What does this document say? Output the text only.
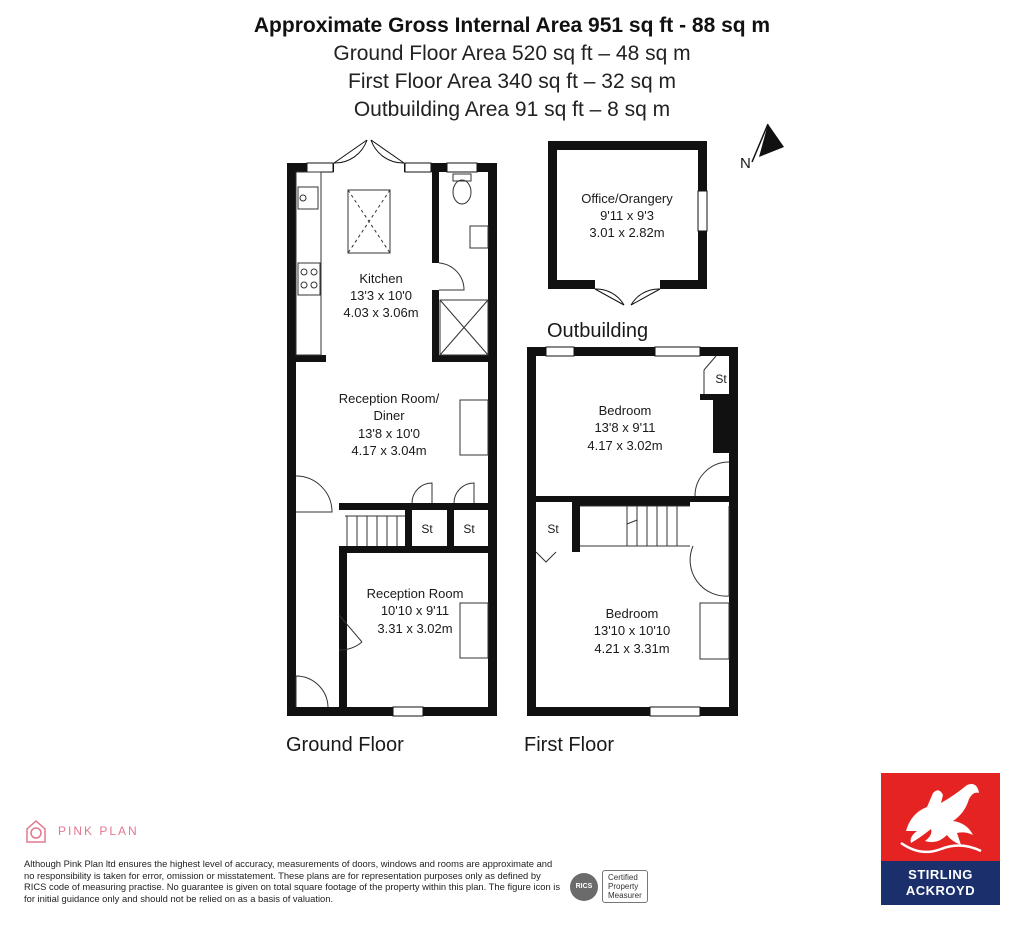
Approximate Gross Internal Area 951 sq ft - 88 sq m
Ground Floor Area 520 sq ft – 48 sq m
First Floor Area 340 sq ft – 32 sq m
Outbuilding Area 91 sq ft – 8 sq m
N
Kitchen
13'3 x 10'0
4.03 x 3.06m
Reception Room/
Diner
13'8 x 10'0
4.17 x 3.04m
Reception Room
10'10 x 9'11
3.31 x 3.02m
Office/Orangery
9'11 x 9'3
3.01 x 2.82m
Bedroom
13'8 x 9'11
4.17 x 3.02m
Bedroom
13'10 x 10'10
4.21 x 3.31m
St	St	St
St
Ground Floor	First Floor
Outbuilding
PINK PLAN
Although Pink Plan ltd ensures the highest level of accuracy, measurements of doors, windows and rooms are approximate and no responsibility is taken for error, omission or misstatement. These plans are for representation purposes only as defined by RICS code of measuring practise. No guarantee is given on total square footage of the property within this plan. The figure icon is for initial guidance only and should not be relied on as a basis of valuation.
RICS
Certified
Property
Measurer
STIRLING
ACKROYD
